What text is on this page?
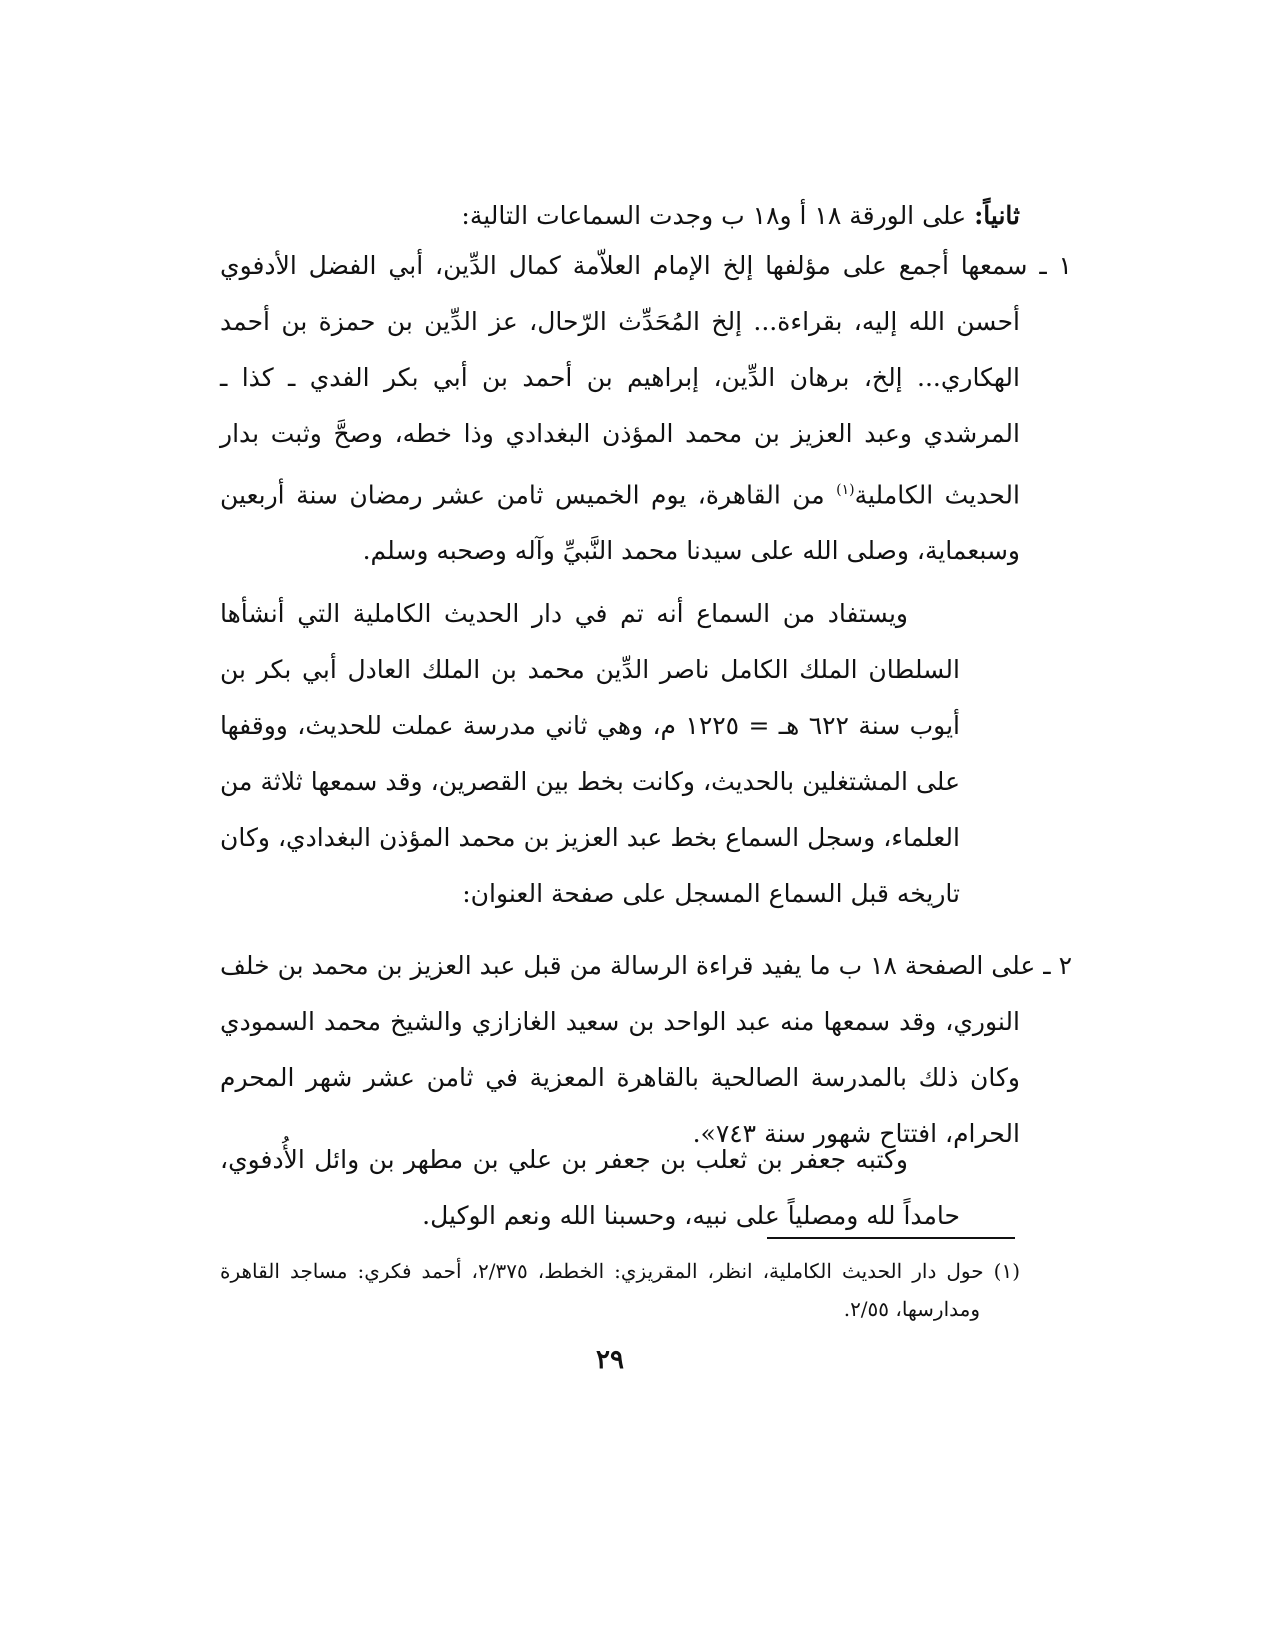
ثانياً: على الورقة ١٨ أ و١٨ ب وجدت السماعات التالية:
١ ـ سمعها أجمع على مؤلفها إلخ الإمام العلاّمة كمال الدِّين، أبي الفضل الأدفوي أحسن الله إليه، بقراءة... إلخ المُحَدِّث الرّحال، عز الدِّين بن حمزة بن أحمد الهكاري... إلخ، برهان الدِّين، إبراهيم بن أحمد بن أبي بكر الفدي ـ كذا ـ المرشدي وعبد العزيز بن محمد المؤذن البغدادي وذا خطه، وصحَّ وثبت بدار الحديث الكاملية$^{(١)}$ من القاهرة، يوم الخميس ثامن عشر رمضان سنة أربعين وسبعماية، وصلى الله على سيدنا محمد النَّبيِّ وآله وصحبه وسلم.
ويستفاد من السماع أنه تم في دار الحديث الكاملية التي أنشأها السلطان الملك الكامل ناصر الدِّين محمد بن الملك العادل أبي بكر بن أيوب سنة ٦٢٢ هـ = ١٢٢٥ م، وهي ثاني مدرسة عملت للحديث، ووقفها على المشتغلين بالحديث، وكانت بخط بين القصرين، وقد سمعها ثلاثة من العلماء، وسجل السماع بخط عبد العزيز بن محمد المؤذن البغدادي، وكان تاريخه قبل السماع المسجل على صفحة العنوان:
٢ ـ على الصفحة ١٨ ب ما يفيد قراءة الرسالة من قبل عبد العزيز بن محمد بن خلف النوري، وقد سمعها منه عبد الواحد بن سعيد الغازازي والشيخ محمد السمودي وكان ذلك بالمدرسة الصالحية بالقاهرة المعزية في ثامن عشر شهر المحرم الحرام، افتتاح شهور سنة ٧٤٣».
وكتبه جعفر بن ثعلب بن جعفر بن علي بن مطهر بن وائل الأُدفوي، حامداً لله ومصلياً على نبيه، وحسبنا الله ونعم الوكيل.
(١) حول دار الحديث الكاملية، انظر، المقريزي: الخطط، ٢/٣٧٥، أحمد فكري: مساجد القاهرة ومدارسها، ٢/٥٥.
٢٩
